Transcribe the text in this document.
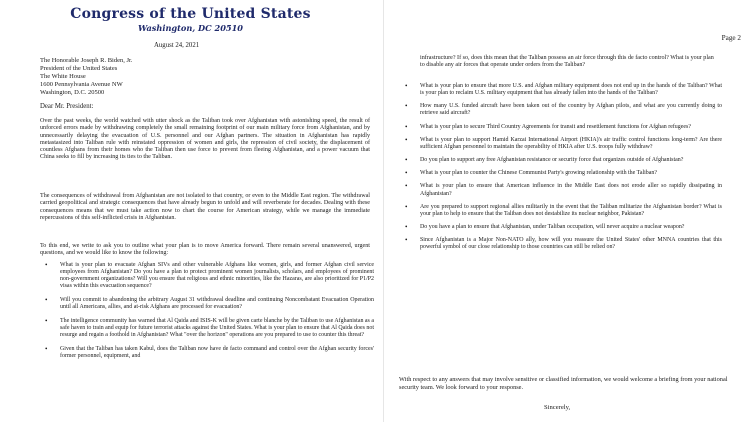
Congress of the United States
Washington, DC 20510
August 24, 2021
The Honorable Joseph R. Biden, Jr.
President of the United States
The White House
1600 Pennsylvania Avenue NW
Washington, D.C. 20500
Dear Mr. President:
Over the past weeks, the world watched with utter shock as the Taliban took over Afghanistan with astonishing speed, the result of unforced errors made by withdrawing completely the small remaining footprint of our main military force from Afghanistan, and by unnecessarily delaying the evacuation of U.S. personnel and our Afghan partners. The situation in Afghanistan has rapidly metastasized into Taliban rule with reinstated oppression of women and girls, the repression of civil society, the displacement of countless Afghans from their homes who the Taliban then use force to prevent from fleeing Afghanistan, and a power vacuum that China seeks to fill by increasing its ties to the Taliban.
The consequences of withdrawal from Afghanistan are not isolated to that country, or even to the Middle East region. The withdrawal carried geopolitical and strategic consequences that have already begun to unfold and will reverberate for decades. Dealing with these consequences means that we must take action now to chart the course for American strategy, while we manage the immediate repercussions of this self-inflicted crisis in Afghanistan.
To this end, we write to ask you to outline what your plan is to move America forward. There remain several unanswered, urgent questions, and we would like to know the following:
• What is your plan to evacuate Afghan SIVs and other vulnerable Afghans like women, girls, and former Afghan civil service employees from Afghanistan? Do you have a plan to protect prominent women journalists, scholars, and employees of prominent non-government organizations? Will you ensure that religious and ethnic minorities, like the Hazaras, are also prioritized for P1/P2 visas within this evacuation sequence?
• Will you commit to abandoning the arbitrary August 31 withdrawal deadline and continuing Noncombatant Evacuation Operation until all Americans, allies, and at-risk Afghans are processed for evacuation?
• The intelligence community has warned that Al Qaida and ISIS-K will be given carte blanche by the Taliban to use Afghanistan as a safe haven to train and equip for future terrorist attacks against the United States. What is your plan to ensure that Al Qaida does not resurge and regain a foothold in Afghanistan? What "over the horizon" operations are you prepared to use to counter this threat?
• Given that the Taliban has taken Kabul, does the Taliban now have de facto command and control over the Afghan security forces' former personnel, equipment, and
Page 2
infrastructure? If so, does this mean that the Taliban possess an air force through this de facto control? What is your plan to disable any air forces that operate under orders from the Taliban?
• What is your plan to ensure that more U.S. and Afghan military equipment does not end up in the hands of the Taliban? What is your plan to reclaim U.S. military equipment that has already fallen into the hands of the Taliban?
• How many U.S. funded aircraft have been taken out of the country by Afghan pilots, and what are you currently doing to retrieve said aircraft?
• What is your plan to secure Third Country Agreements for transit and resettlement functions for Afghan refugees?
• What is your plan to support Hamid Karzai International Airport (HKIA)'s air traffic control functions long-term? Are there sufficient Afghan personnel to maintain the operability of HKIA after U.S. troops fully withdraw?
• Do you plan to support any free Afghanistan resistance or security force that organizes outside of Afghanistan?
• What is your plan to counter the Chinese Communist Party's growing relationship with the Taliban?
• What is your plan to ensure that American influence in the Middle East does not erode aller so rapidly dissipating in Afghanistan?
• Are you prepared to support regional allies militarily in the event that the Taliban militarize the Afghanistan border? What is your plan to help to ensure that the Taliban does not destabilize its nuclear neighbor, Pakistan?
• Do you have a plan to ensure that Afghanistan, under Taliban occupation, will never acquire a nuclear weapon?
• Since Afghanistan is a Major Non-NATO ally, how will you reassure the United States' other MNNA countries that this powerful symbol of our close relationship to those countries can still be relied on?
With respect to any answers that may involve sensitive or classified information, we would welcome a briefing from your national security team. We look forward to your response.
Sincerely,
